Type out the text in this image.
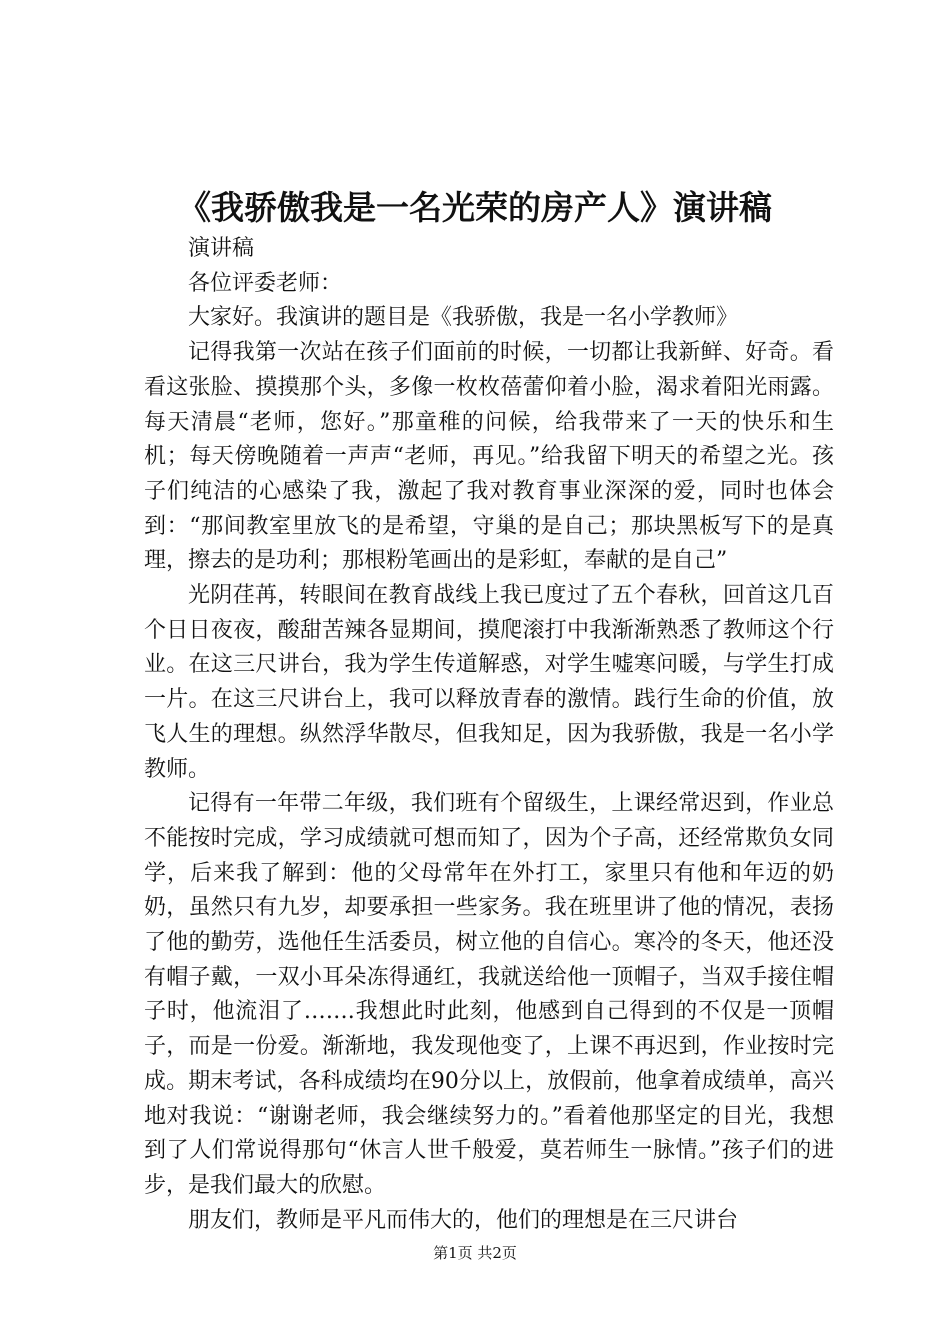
《我骄傲我是一名光荣的房产人》演讲稿

演讲稿

各位评委老师：

大家好。我演讲的题目是《我骄傲，我是一名小学教师》

记得我第一次站在孩子们面前的时候，一切都让我新鲜、好奇。看看这张脸、摸摸那个头，多像一枚枚蓓蕾仰着小脸，渴求着阳光雨露。每天清晨“老师，您好。”那童稚的问候，给我带来了一天的快乐和生机；每天傍晚随着一声声“老师，再见。”给我留下明天的希望之光。孩子们纯洁的心感染了我，激起了我对教育事业深深的爱，同时也体会到：“那间教室里放飞的是希望，守巢的是自己；那块黑板写下的是真理，擦去的是功利；那根粉笔画出的是彩虹，奉献的是自己”

光阴荏苒，转眼间在教育战线上我已度过了五个春秋，回首这几百个日日夜夜，酸甜苦辣各显期间，摸爬滚打中我渐渐熟悉了教师这个行业。在这三尺讲台，我为学生传道解惑，对学生嘘寒问暖，与学生打成一片。在这三尺讲台上，我可以释放青春的激情。践行生命的价值，放飞人生的理想。纵然浮华散尽，但我知足，因为我骄傲，我是一名小学教师。

记得有一年带二年级，我们班有个留级生，上课经常迟到，作业总不能按时完成，学习成绩就可想而知了，因为个子高，还经常欺负女同学，后来我了解到：他的父母常年在外打工，家里只有他和年迈的奶奶，虽然只有九岁，却要承担一些家务。我在班里讲了他的情况，表扬了他的勤劳，选他任生活委员，树立他的自信心。寒冷的冬天，他还没有帽子戴，一双小耳朵冻得通红，我就送给他一顶帽子，当双手接住帽子时，他流泪了…….我想此时此刻，他感到自己得到的不仅是一顶帽子，而是一份爱。渐渐地，我发现他变了，上课不再迟到，作业按时完成。期末考试，各科成绩均在90分以上，放假前，他拿着成绩单，高兴地对我说：“谢谢老师，我会继续努力的。”看着他那坚定的目光，我想到了人们常说得那句“休言人世千般爱，莫若师生一脉情。”孩子们的进步，是我们最大的欣慰。

朋友们，教师是平凡而伟大的，他们的理想是在三尺讲台

第1页 共2页
